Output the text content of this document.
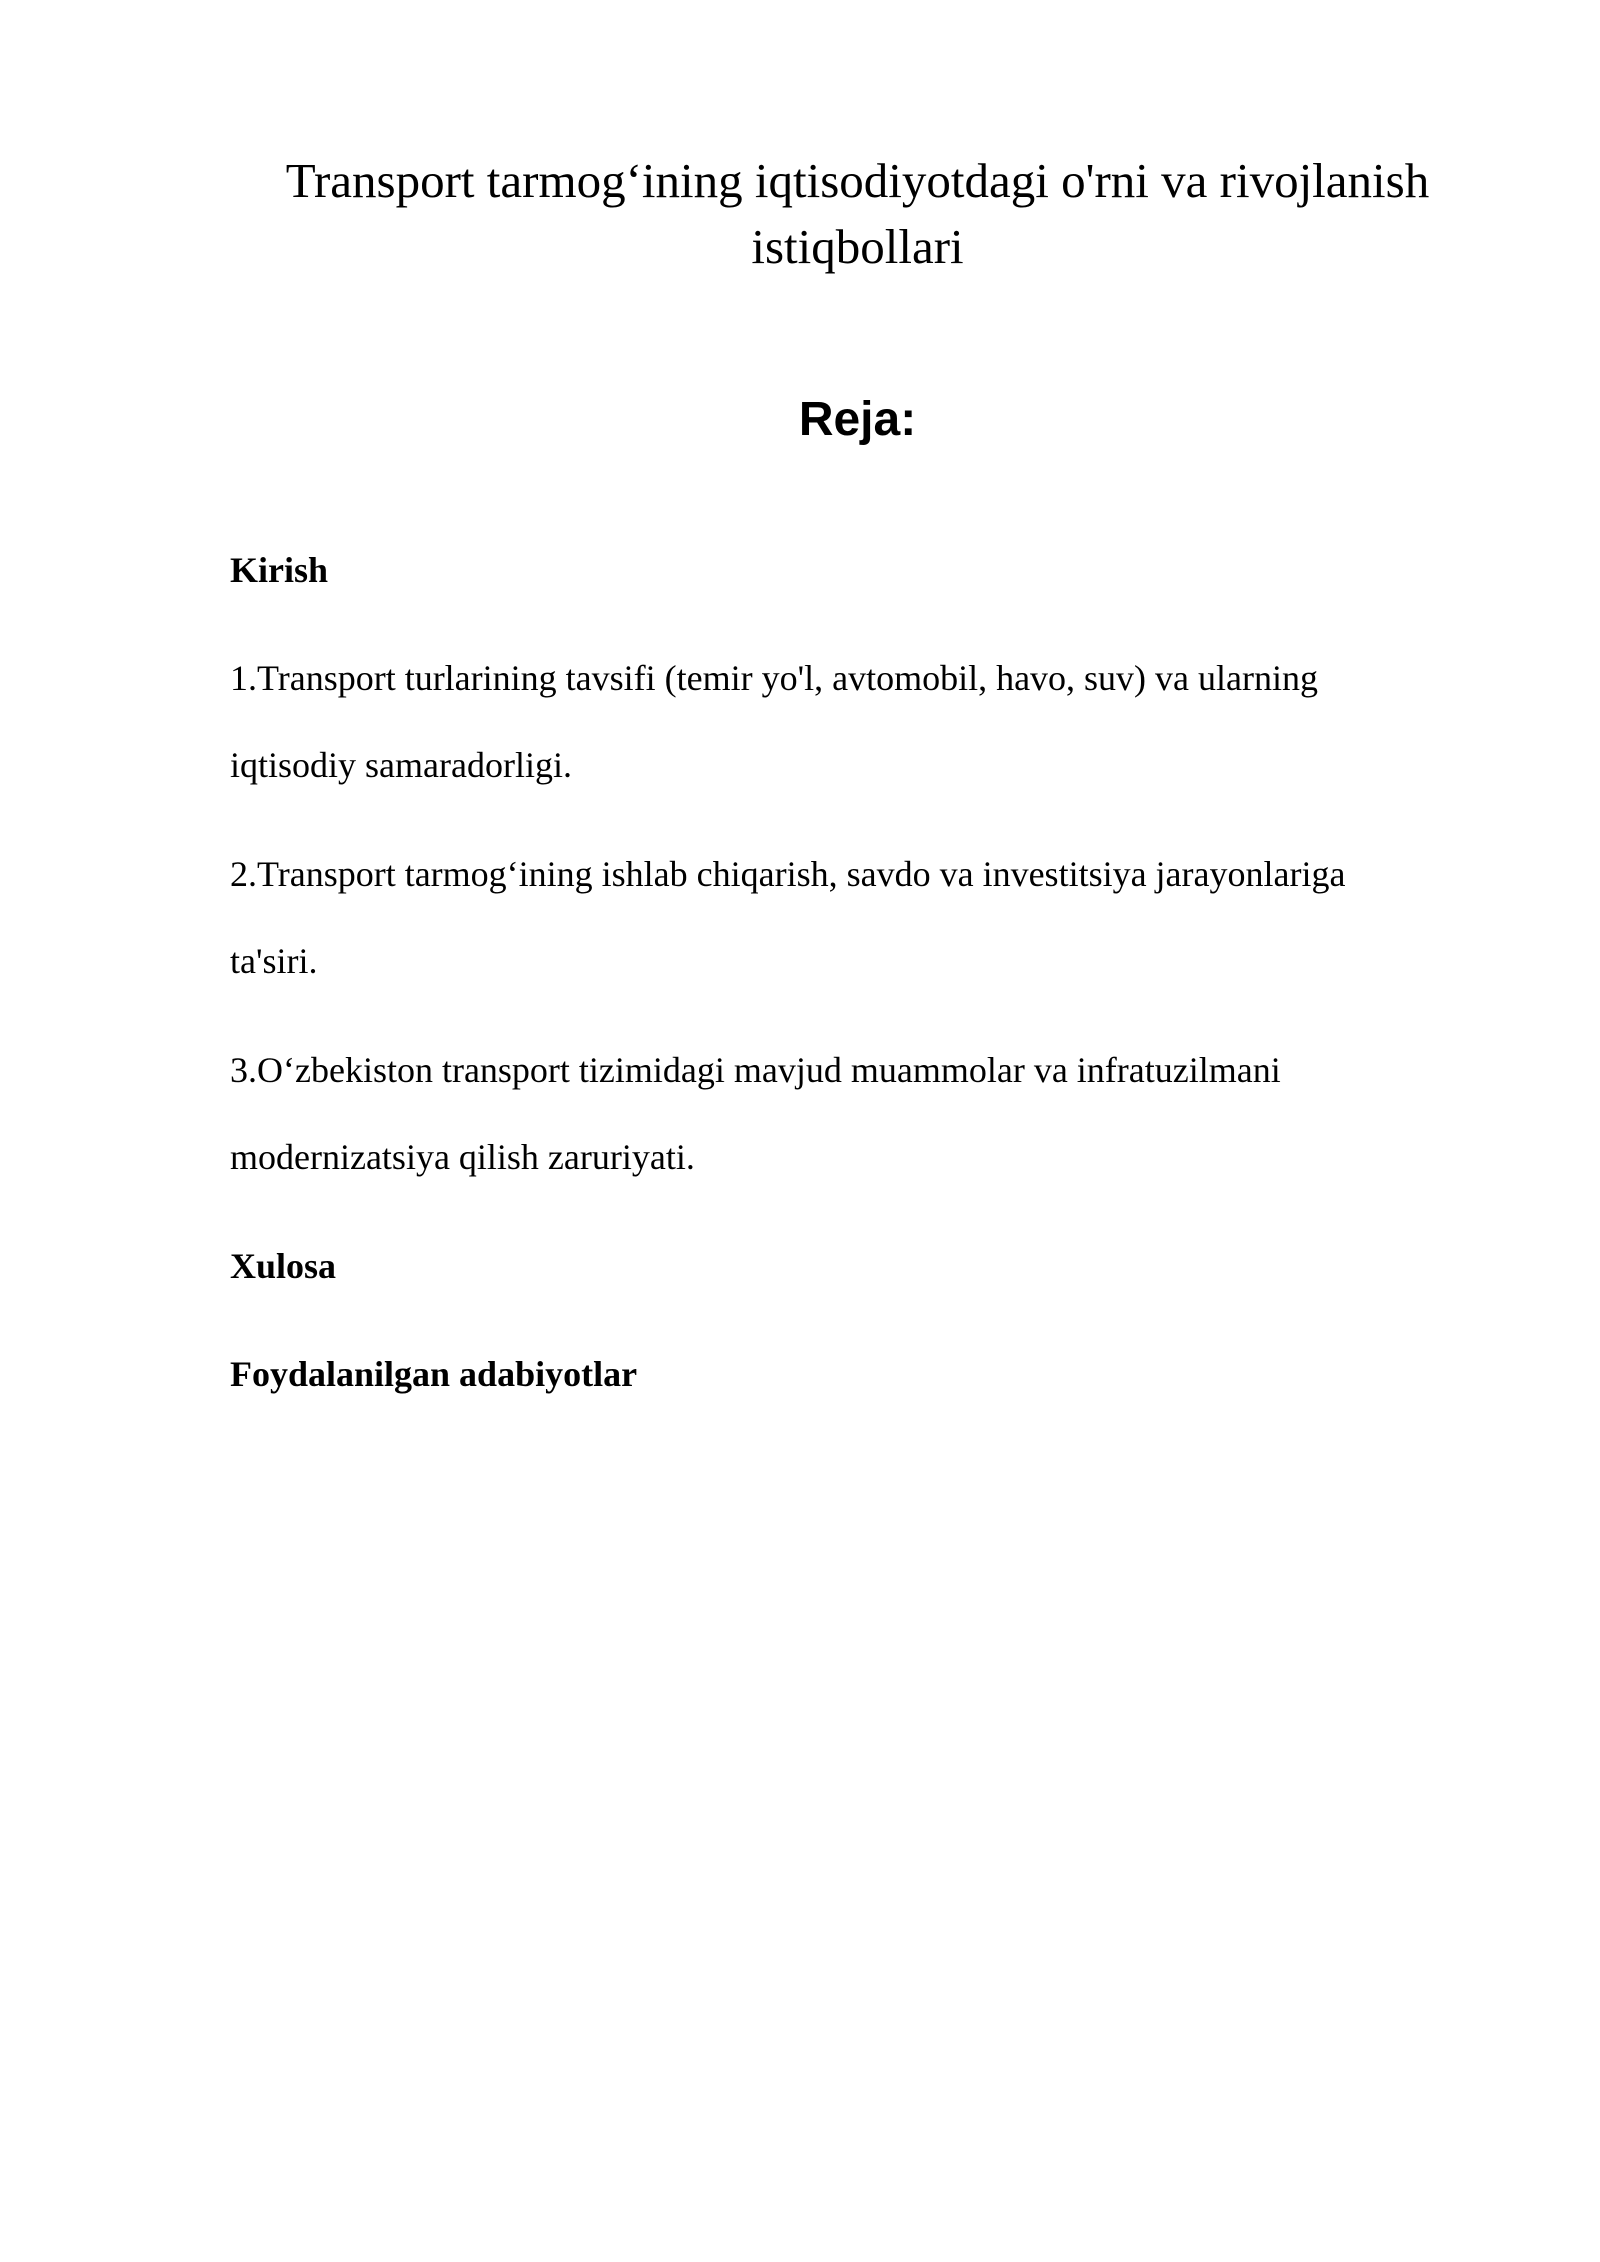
Transport tarmog‘ining iqtisodiyotdagi o'rni va rivojlanish istiqbollari
Reja:

Kirish

1.Transport turlarining tavsifi (temir yo'l, avtomobil, havo, suv) va ularning iqtisodiy samaradorligi.

2.Transport tarmog‘ining ishlab chiqarish, savdo va investitsiya jarayonlariga ta'siri.

3.O‘zbekiston transport tizimidagi mavjud muammolar va infratuzilmani modernizatsiya qilish zaruriyati.

Xulosa

Foydalanilgan adabiyotlar
